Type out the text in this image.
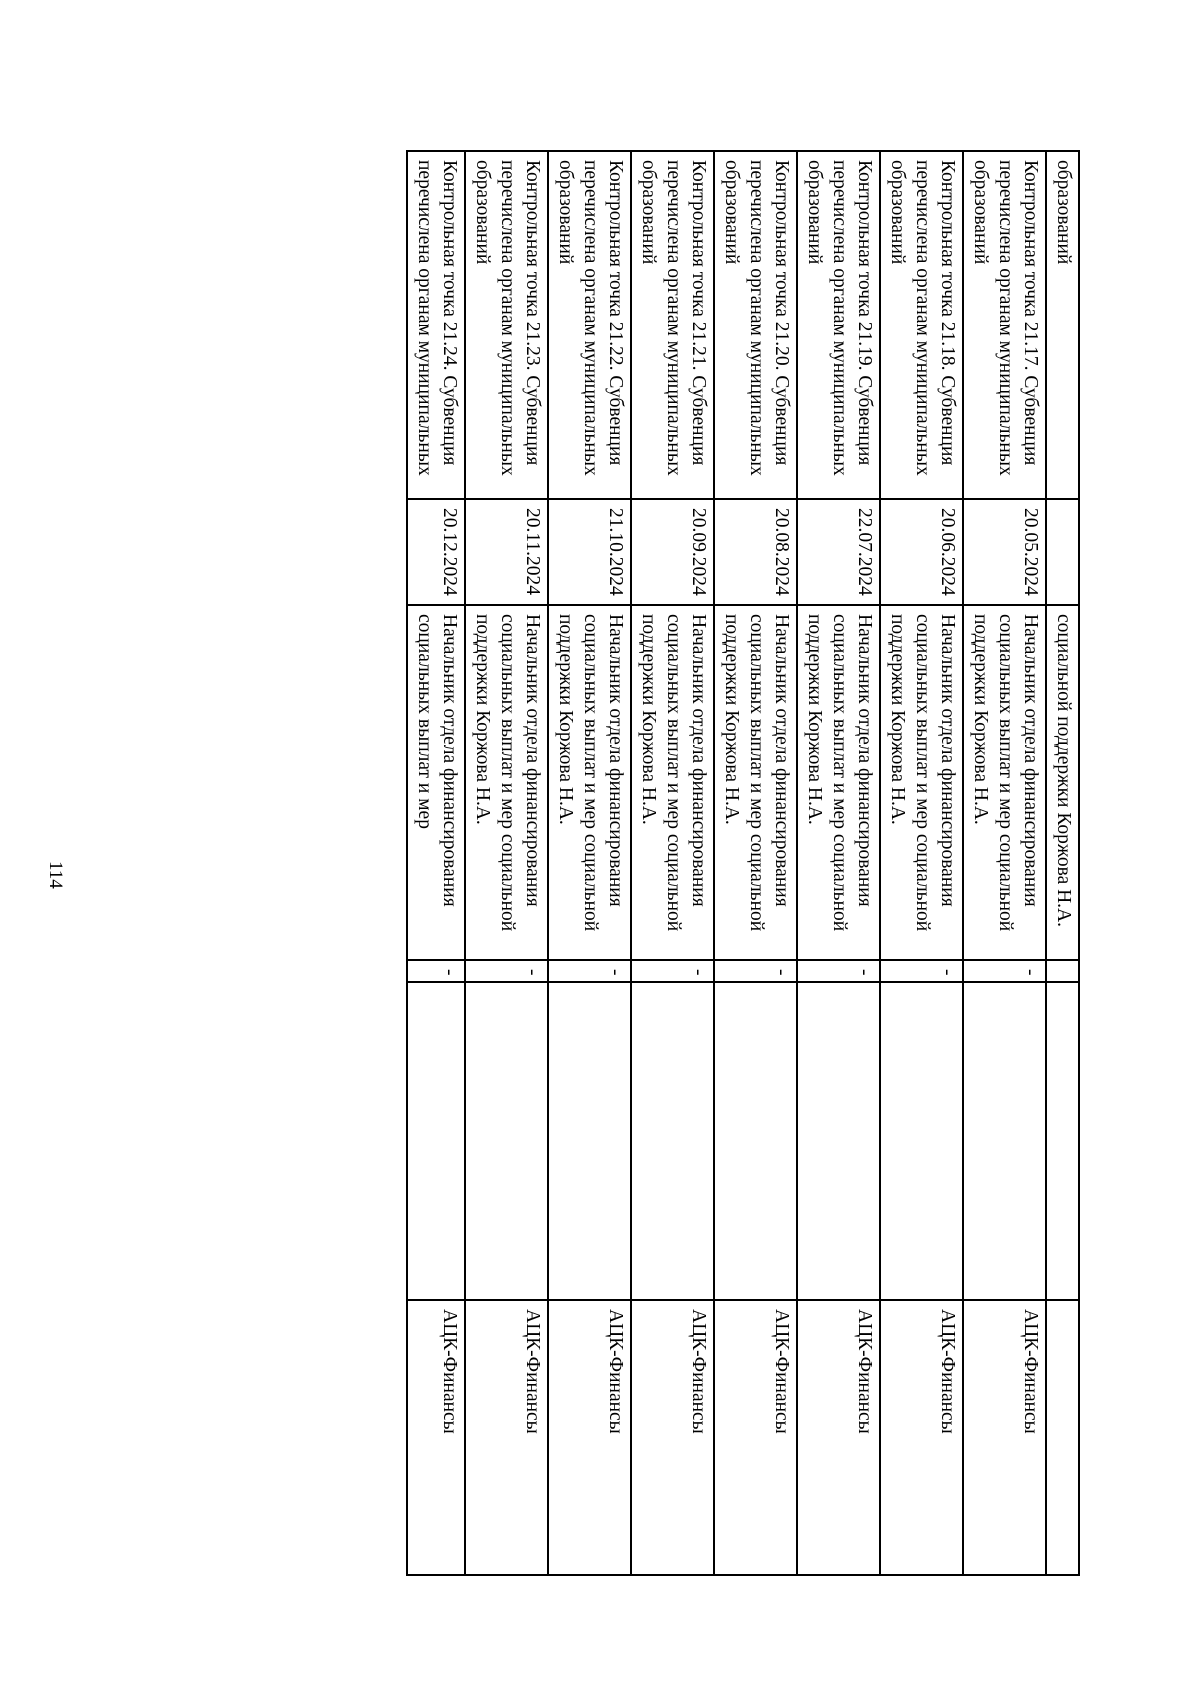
114
образований		социальной поддержки Коржова Н.А.			
Контрольная точка 21.17. Субвенция перечислена органам муниципальных образований	20.05.2024	Начальник отдела финансирования социальных выплат и мер социальной поддержки Коржова Н.А.	-		АЦК-Финансы
Контрольная точка 21.18. Субвенция перечислена органам муниципальных образований	20.06.2024	Начальник отдела финансирования социальных выплат и мер социальной поддержки Коржова Н.А.	-		АЦК-Финансы
Контрольная точка 21.19. Субвенция перечислена органам муниципальных образований	22.07.2024	Начальник отдела финансирования социальных выплат и мер социальной поддержки Коржова Н.А.	-		АЦК-Финансы
Контрольная точка 21.20. Субвенция перечислена органам муниципальных образований	20.08.2024	Начальник отдела финансирования социальных выплат и мер социальной поддержки Коржова Н.А.	-		АЦК-Финансы
Контрольная точка 21.21. Субвенция перечислена органам муниципальных образований	20.09.2024	Начальник отдела финансирования социальных выплат и мер социальной поддержки Коржова Н.А.	-		АЦК-Финансы
Контрольная точка 21.22. Субвенция перечислена органам муниципальных образований	21.10.2024	Начальник отдела финансирования социальных выплат и мер социальной поддержки Коржова Н.А.	-		АЦК-Финансы
Контрольная точка 21.23. Субвенция перечислена органам муниципальных образований	20.11.2024	Начальник отдела финансирования социальных выплат и мер социальной поддержки Коржова Н.А.	-		АЦК-Финансы
Контрольная точка 21.24. Субвенция перечислена органам муниципальных	20.12.2024	Начальник отдела финансирования социальных выплат и мер	-		АЦК-Финансы
